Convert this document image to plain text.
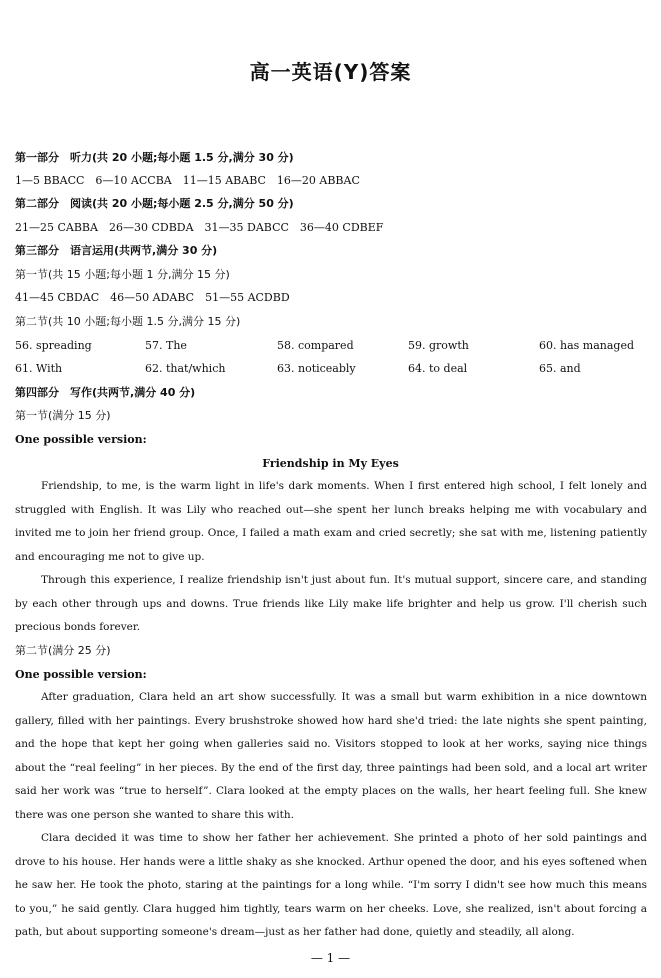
高一英语(Y)答案
第一部分　听力(共 20 小题;每小题 1.5 分,满分 30 分)
1—5 BBACC　6—10 ACCBA　11—15 ABABC　16—20 ABBAC
第二部分　阅读(共 20 小题;每小题 2.5 分,满分 50 分)
21—25 CABBA　26—30 CDBDA　31—35 DABCC　36—40 CDBEF
第三部分　语言运用(共两节,满分 30 分)
第一节(共 15 小题;每小题 1 分,满分 15 分)
41—45 CBDAC　46—50 ADABC　51—55 ACDBD
第二节(共 10 小题;每小题 1.5 分,满分 15 分)
56. spreading	57. The	58. compared	59. growth	60. has managed
61. With	62. that/which	63. noticeably	64. to deal	65. and
第四部分　写作(共两节,满分 40 分)
第一节(满分 15 分)
One possible version:
Friendship in My Eyes

Friendship, to me, is the warm light in life's dark moments. When I first entered high school, I felt lonely and struggled with English. It was Lily who reached out—she spent her lunch breaks helping me with vocabulary and invited me to join her friend group. Once, I failed a math exam and cried secretly; she sat with me, listening patiently and encouraging me not to give up.

Through this experience, I realize friendship isn't just about fun. It's mutual support, sincere care, and standing by each other through ups and downs. True friends like Lily make life brighter and help us grow. I'll cherish such precious bonds forever.

第二节(满分 25 分)
One possible version:

After graduation, Clara held an art show successfully. It was a small but warm exhibition in a nice downtown gallery, filled with her paintings. Every brushstroke showed how hard she'd tried: the late nights she spent painting, and the hope that kept her going when galleries said no. Visitors stopped to look at her works, saying nice things about the “real feeling” in her pieces. By the end of the first day, three paintings had been sold, and a local art writer said her work was “true to herself”. Clara looked at the empty places on the walls, her heart feeling full. She knew there was one person she wanted to share this with.

Clara decided it was time to show her father her achievement. She printed a photo of her sold paintings and drove to his house. Her hands were a little shaky as she knocked. Arthur opened the door, and his eyes softened when he saw her. He took the photo, staring at the paintings for a long while. “I'm sorry I didn't see how much this means to you,” he said gently. Clara hugged him tightly, tears warm on her cheeks. Love, she realized, isn't about forcing a path, but about supporting someone's dream—just as her father had done, quietly and steadily, all along.

— 1 —
